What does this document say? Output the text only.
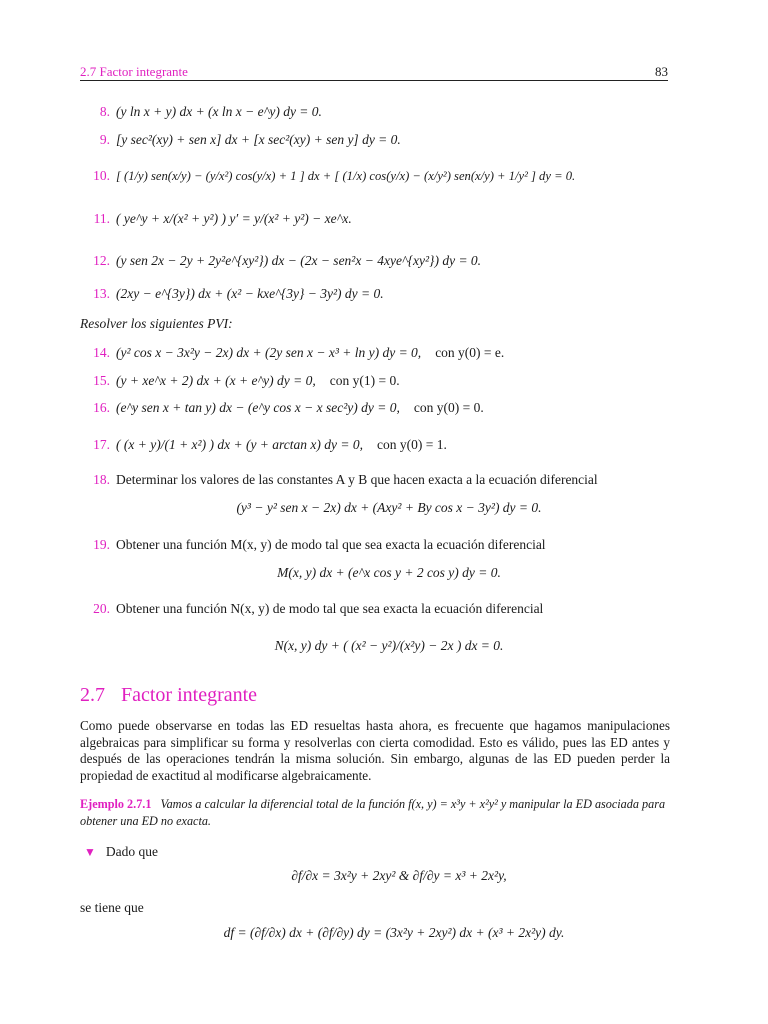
2.7 Factor integrante	83
8. (y ln x + y) dx + (x ln x − e^y) dy = 0.
9. [y sec²(xy) + sen x] dx + [x sec²(xy) + sen y] dy = 0.
10. [ (1/y) sen(x/y) − (y/x²) cos(y/x) + 1 ] dx + [ (1/x) cos(y/x) − (x/y²) sen(x/y) + 1/y² ] dy = 0.
11. ( ye^y + x/(x² + y²) ) y′ = y/(x² + y²) − xe^x.
12. (y sen 2x − 2y + 2y²e^{xy²}) dx − (2x − sen²x − 4xye^{xy²}) dy = 0.
13. (2xy − e^{3y}) dx + (x² − kxe^{3y} − 3y²) dy = 0.
Resolver los siguientes PVI:
14. (y² cos x − 3x²y − 2x) dx + (2y sen x − x³ + ln y) dy = 0, con y(0) = e.
15. (y + xe^x + 2) dx + (x + e^y) dy = 0, con y(1) = 0.
16. (e^y sen x + tan y) dx − (e^y cos x − x sec²y) dy = 0, con y(0) = 0.
17. ( (x + y)/(1 + x²) ) dx + (y + arctan x) dy = 0, con y(0) = 1.
18. Determinar los valores de las constantes A y B que hacen exacta a la ecuación diferencial
(y³ − y² sen x − 2x) dx + (Axy² + By cos x − 3y²) dy = 0.
19. Obtener una función M(x, y) de modo tal que sea exacta la ecuación diferencial
M(x, y) dx + (e^x cos y + 2 cos y) dy = 0.
20. Obtener una función N(x, y) de modo tal que sea exacta la ecuación diferencial
N(x, y) dy + ( (x² − y²)/(x²y) − 2x ) dx = 0.
2.7 Factor integrante
Como puede observarse en todas las ED resueltas hasta ahora, es frecuente que hagamos manipulaciones algebraicas para simplificar su forma y resolverlas con cierta comodidad. Esto es válido, pues las ED antes y después de las operaciones tendrán la misma solución. Sin embargo, algunas de las ED pueden perder la propiedad de exactitud al modificarse algebraicamente.
Ejemplo 2.7.1 Vamos a calcular la diferencial total de la función f(x, y) = x³y + x²y² y manipular la ED asociada para obtener una ED no exacta.
▼ Dado que
∂f/∂x = 3x²y + 2xy² & ∂f/∂y = x³ + 2x²y,
se tiene que
df = (∂f/∂x) dx + (∂f/∂y) dy = (3x²y + 2xy²) dx + (x³ + 2x²y) dy.
